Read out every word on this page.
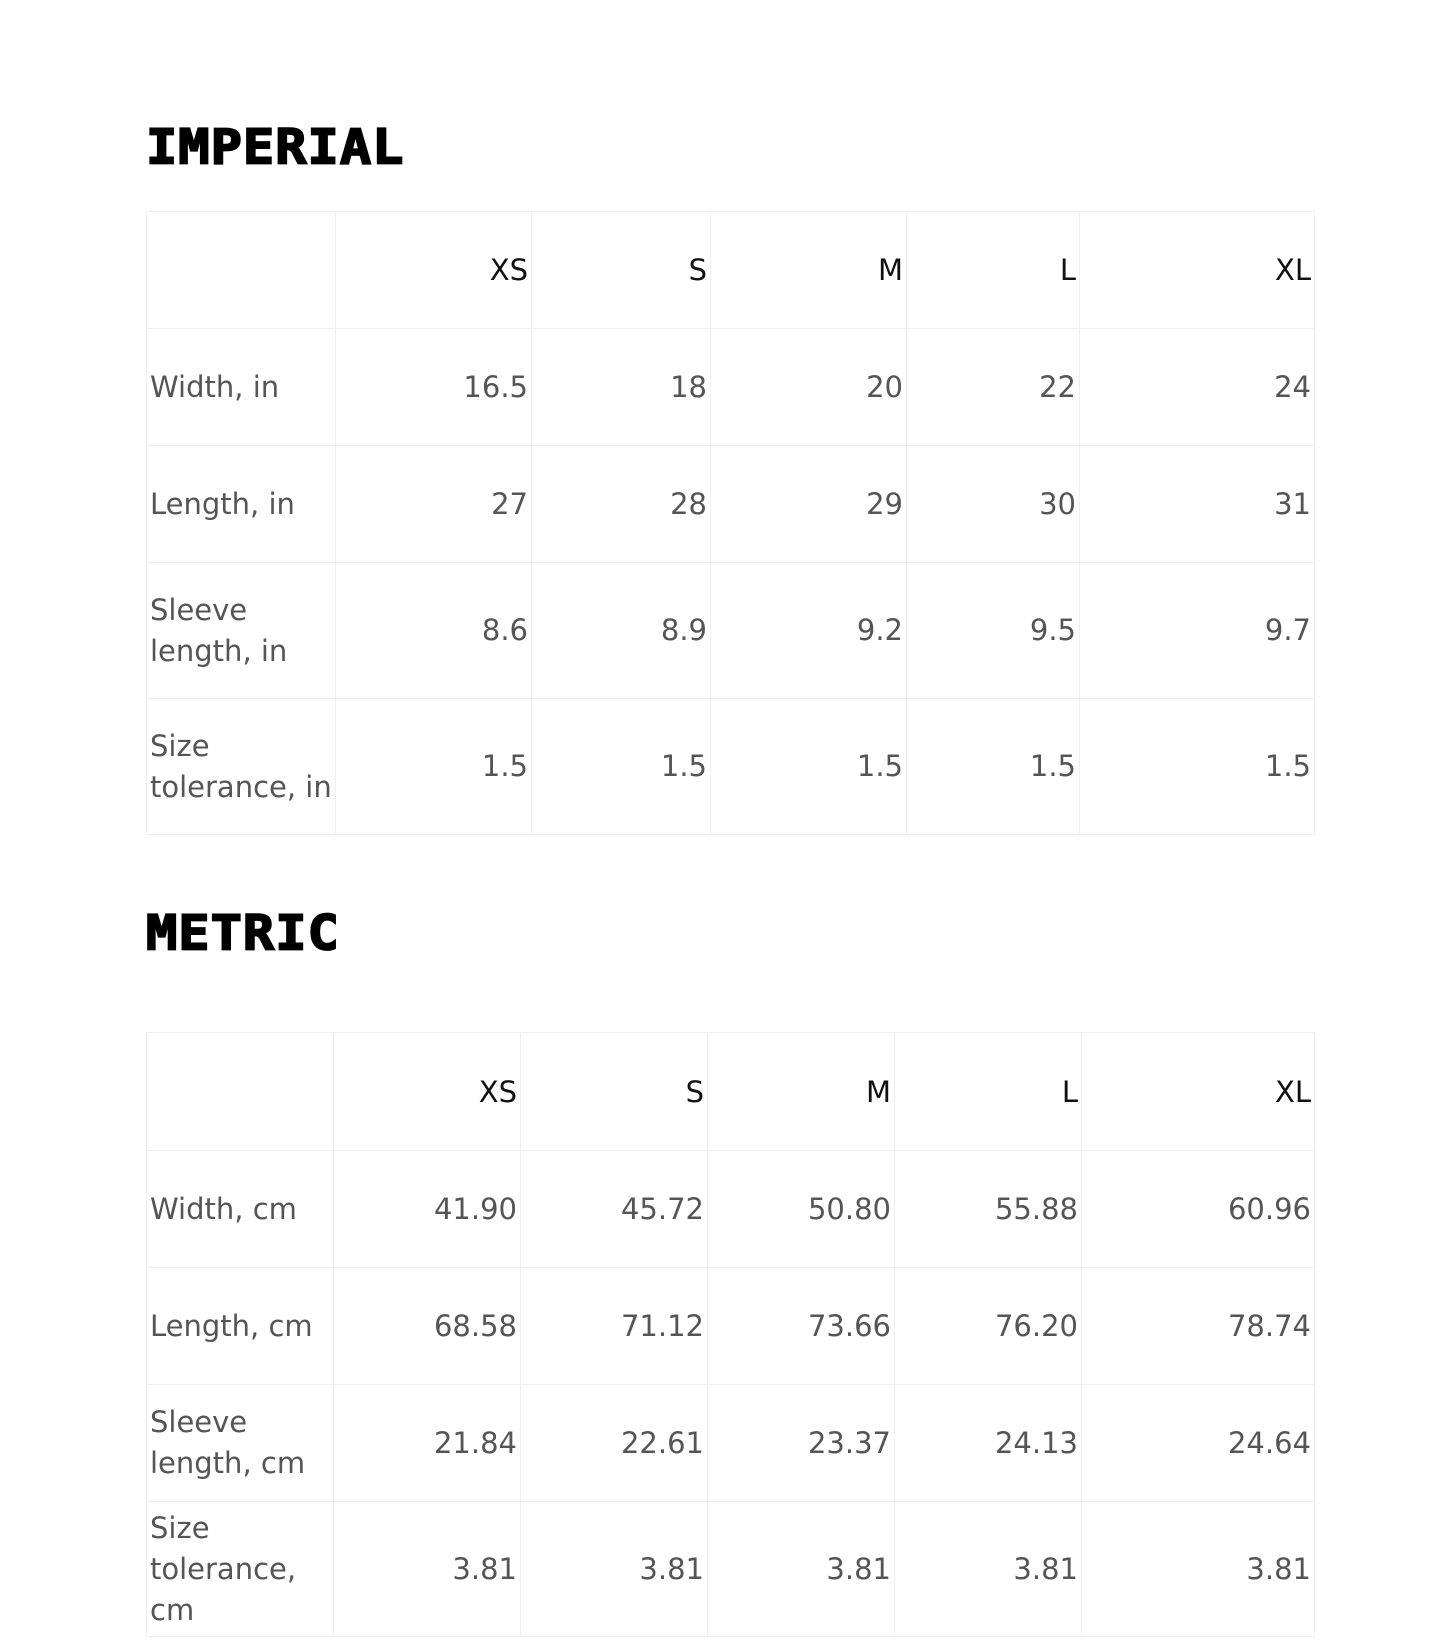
IMPERIAL
	XS	S	M	L	XL
Width, in	16.5	18	20	22	24
Length, in	27	28	29	30	31
Sleeve length, in	8.6	8.9	9.2	9.5	9.7
Size tolerance, in	1.5	1.5	1.5	1.5	1.5
METRIC
	XS	S	M	L	XL
Width, cm	41.90	45.72	50.80	55.88	60.96
Length, cm	68.58	71.12	73.66	76.20	78.74
Sleeve length, cm	21.84	22.61	23.37	24.13	24.64
Size tolerance, cm	3.81	3.81	3.81	3.81	3.81
